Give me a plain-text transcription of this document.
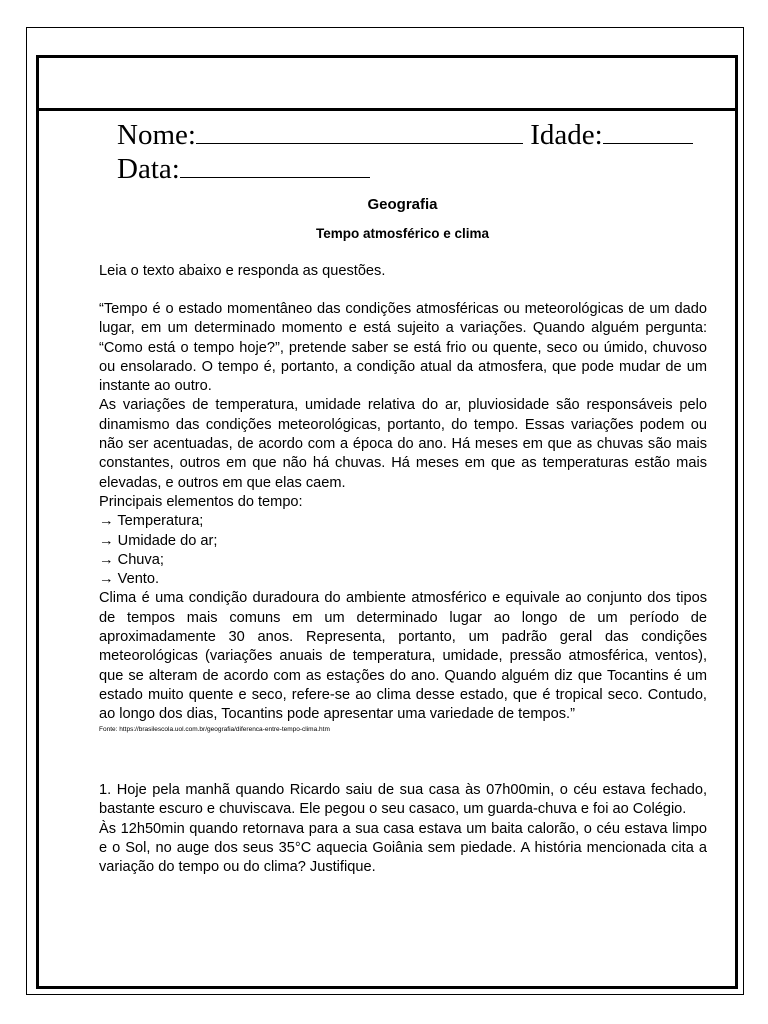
Nome:	Idade:
Data:
Geografia
Tempo atmosférico e clima

Leia o texto abaixo e responda as questões.

“Tempo é o estado momentâneo das condições atmosféricas ou meteorológicas de um dado lugar, em um determinado momento e está sujeito a variações. Quando alguém pergunta: “Como está o tempo hoje?”, pretende saber se está frio ou quente, seco ou úmido, chuvoso ou ensolarado. O tempo é, portanto, a condição atual da atmosfera, que pode mudar de um instante ao outro.

As variações de temperatura, umidade relativa do ar, pluviosidade são responsáveis pelo dinamismo das condições meteorológicas, portanto, do tempo. Essas variações podem ou não ser acentuadas, de acordo com a época do ano. Há meses em que as chuvas são mais constantes, outros em que não há chuvas. Há meses em que as temperaturas estão mais elevadas, e outros em que elas caem.

Principais elementos do tempo:

→ Temperatura;

→ Umidade do ar;

→ Chuva;

→ Vento.

Clima é uma condição duradoura do ambiente atmosférico e equivale ao conjunto dos tipos de tempos mais comuns em um determinado lugar ao longo de um período de aproximadamente 30 anos. Representa, portanto, um padrão geral das condições meteorológicas (variações anuais de temperatura, umidade, pressão atmosférica, ventos), que se alteram de acordo com as estações do ano. Quando alguém diz que Tocantins é um estado muito quente e seco, refere-se ao clima desse estado, que é tropical seco. Contudo, ao longo dos dias, Tocantins pode apresentar uma variedade de tempos.”

Fonte: https://brasilescola.uol.com.br/geografia/diferenca-entre-tempo-clima.htm

1. Hoje pela manhã quando Ricardo saiu de sua casa às 07h00min, o céu estava fechado, bastante escuro e chuviscava. Ele pegou o seu casaco, um guarda-chuva e foi ao Colégio.

Às 12h50min quando retornava para a sua casa estava um baita calorão, o céu estava limpo e o Sol, no auge dos seus 35°C aquecia Goiânia sem piedade. A história mencionada cita a variação do tempo ou do clima? Justifique.
